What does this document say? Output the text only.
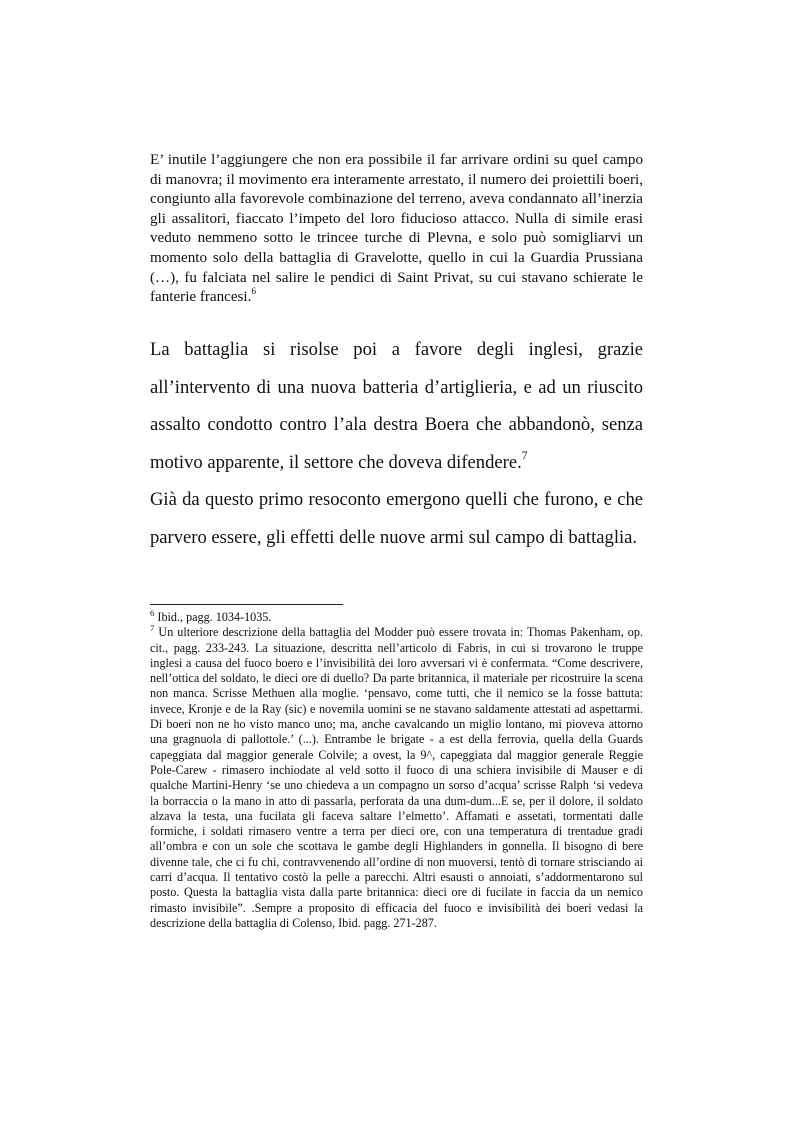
E’ inutile l’aggiungere che non era possibile il far arrivare ordini su quel campo di manovra; il movimento era interamente arrestato, il numero dei proiettili boeri, congiunto alla favorevole combinazione del terreno, aveva condannato all’inerzia gli assalitori, fiaccato l’impeto del loro fiducioso attacco. Nulla di simile erasi veduto nemmeno sotto le trincee turche di Plevna, e solo può somigliarvi un momento solo della battaglia di Gravelotte, quello in cui la Guardia Prussiana (…), fu falciata nel salire le pendici di Saint Privat, su cui stavano schierate le fanterie francesi.$^6$

La battaglia si risolse poi a favore degli inglesi, grazie all’intervento di una nuova batteria d’artiglieria, e ad un riuscito assalto condotto contro l’ala destra Boera che abbandonò, senza motivo apparente, il settore che doveva difendere.$^7$

Già da questo primo resoconto emergono quelli che furono, e che parvero essere, gli effetti delle nuove armi sul campo di battaglia.

$^6$ Ibid., pagg. 1034-1035.

$^7$ Un ulteriore descrizione della battaglia del Modder può essere trovata in: Thomas Pakenham, op. cit., pagg. 233-243. La situazione, descritta nell’articolo di Fabris, in cui si trovarono le truppe inglesi a causa del fuoco boero e l’invisibilità dei loro avversari vi è confermata. “Come descrivere, nell’ottica del soldato, le dieci ore di duello? Da parte britannica, il materiale per ricostruire la scena non manca. Scrisse Methuen alla moglie. ‘pensavo, come tutti, che il nemico se la fosse battuta: invece, Kronje e de la Ray (sic) e novemila uomini se ne stavano saldamente attestati ad aspettarmi. Di boeri non ne ho visto manco uno; ma, anche cavalcando un miglio lontano, mi pioveva attorno una gragnuola di pallottole.’ (...). Entrambe le brigate - a est della ferrovia, quella della Guards capeggiata dal maggior generale Colvile; a ovest, la 9^, capeggiata dal maggior generale Reggie Pole-Carew - rimasero inchiodate al veld sotto il fuoco di una schiera invisibile di Mauser e di qualche Martini-Henry ‘se uno chiedeva a un compagno un sorso d’acqua’ scrisse Ralph ‘si vedeva la borraccia o la mano in atto di passarla, perforata da una dum-dum...E se, per il dolore, il soldato alzava la testa, una fucilata gli faceva saltare l’elmetto’. Affamati e assetati, tormentati dalle formiche, i soldati rimasero ventre a terra per dieci ore, con una temperatura di trentadue gradi all’ombra e con un sole che scottava le gambe degli Highlanders in gonnella. Il bisogno di bere divenne tale, che ci fu chi, contravvenendo all’ordine di non muoversi, tentò di tornare strisciando ai carri d’acqua. Il tentativo costò la pelle a parecchi. Altri esausti o annoiati, s’addormentarono sul posto. Questa la battaglia vista dalla parte britannica: dieci ore di fucilate in faccia da un nemico rimasto invisibile”. .Sempre a proposito di efficacia del fuoco e invisibilità dei boeri vedasi la descrizione della battaglia di Colenso, Ibid. pagg. 271-287.
